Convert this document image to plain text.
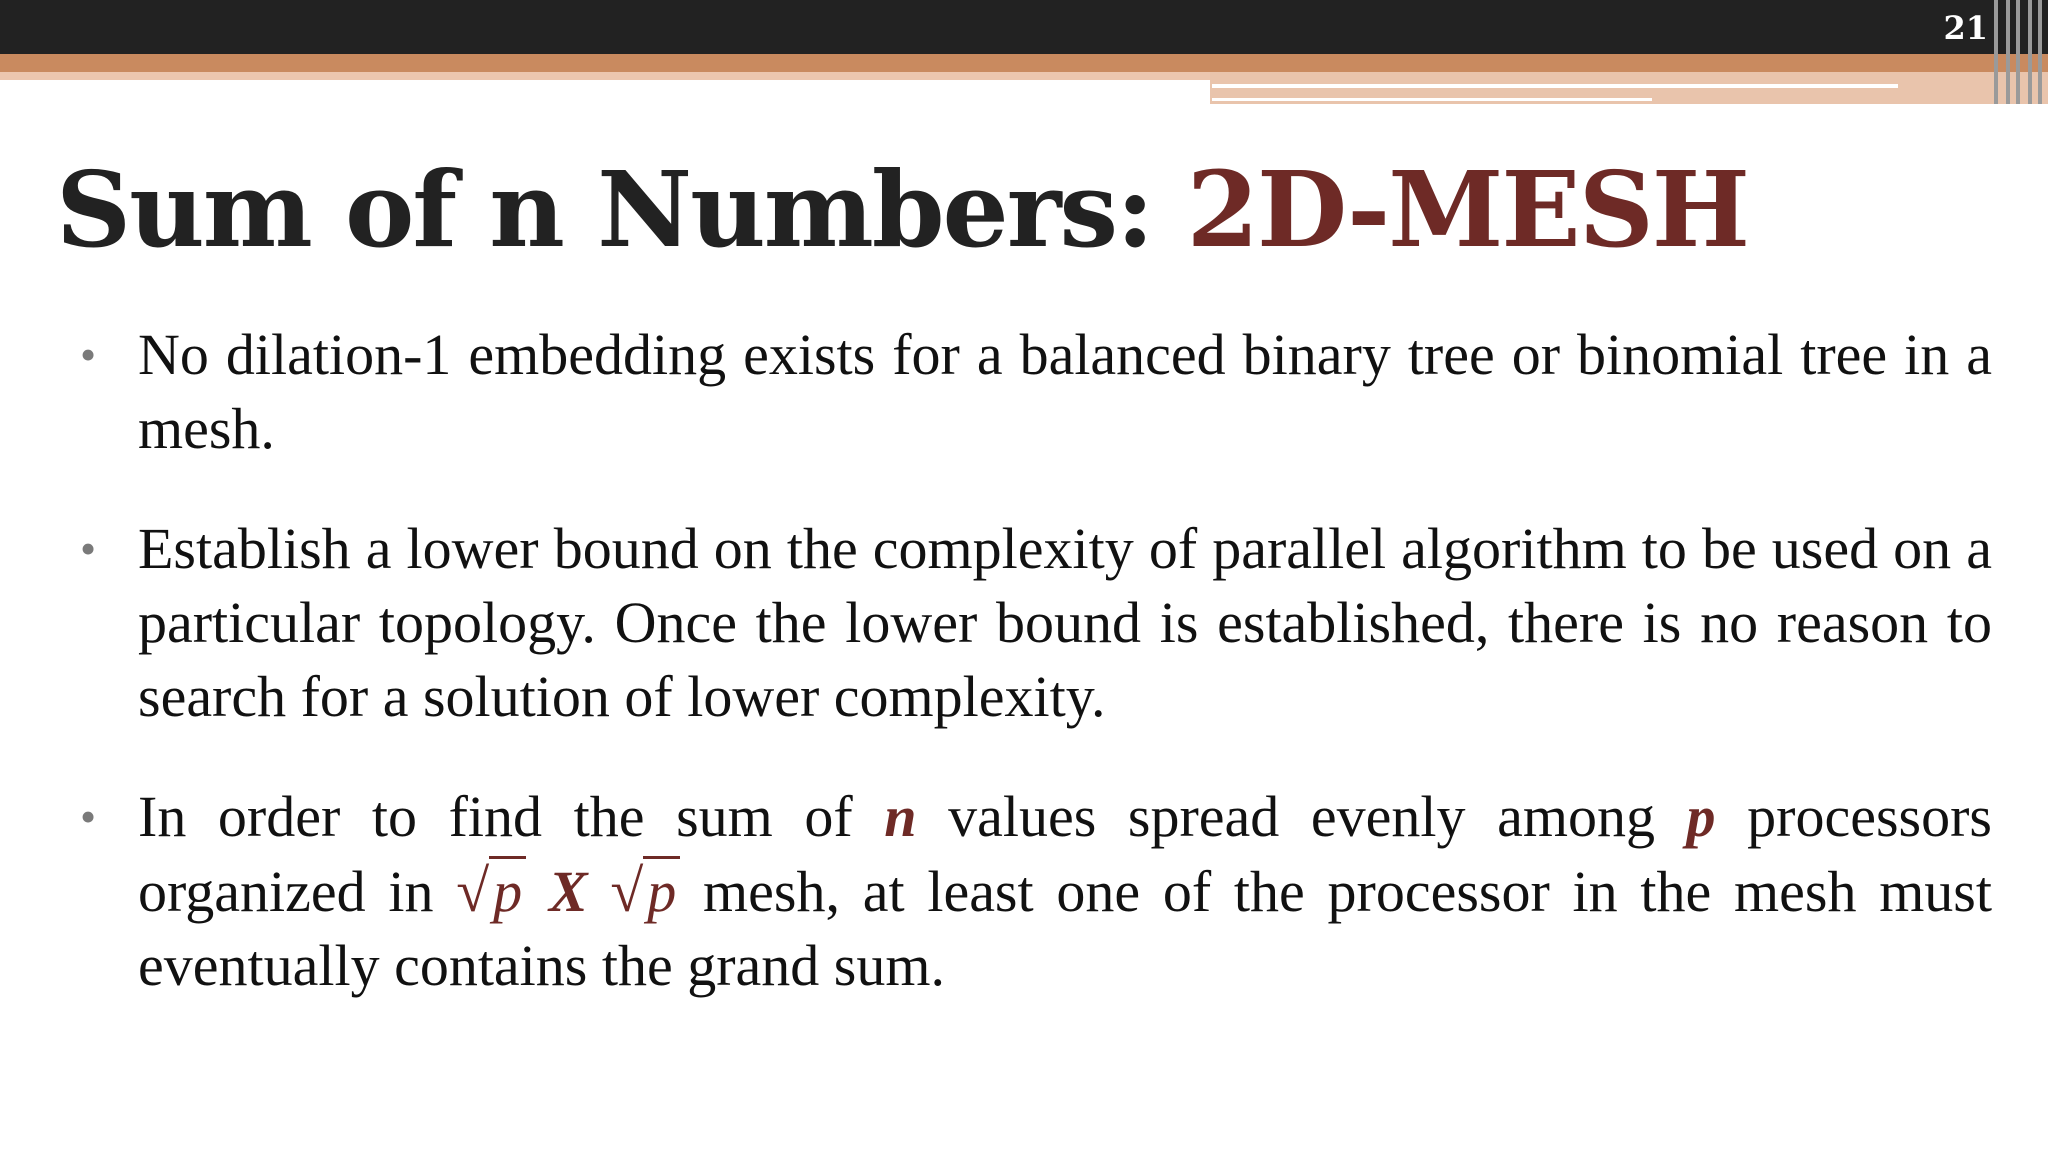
21
Sum of n Numbers: 2D-MESH
• No dilation-1 embedding exists for a balanced binary tree or binomial tree in a mesh.
• Establish a lower bound on the complexity of parallel algorithm to be used on a particular topology. Once the lower bound is established, there is no reason to search for a solution of lower complexity.
• In order to find the sum of n values spread evenly among p processors organized in √p X √p mesh, at least one of the processor in the mesh must eventually contains the grand sum.
